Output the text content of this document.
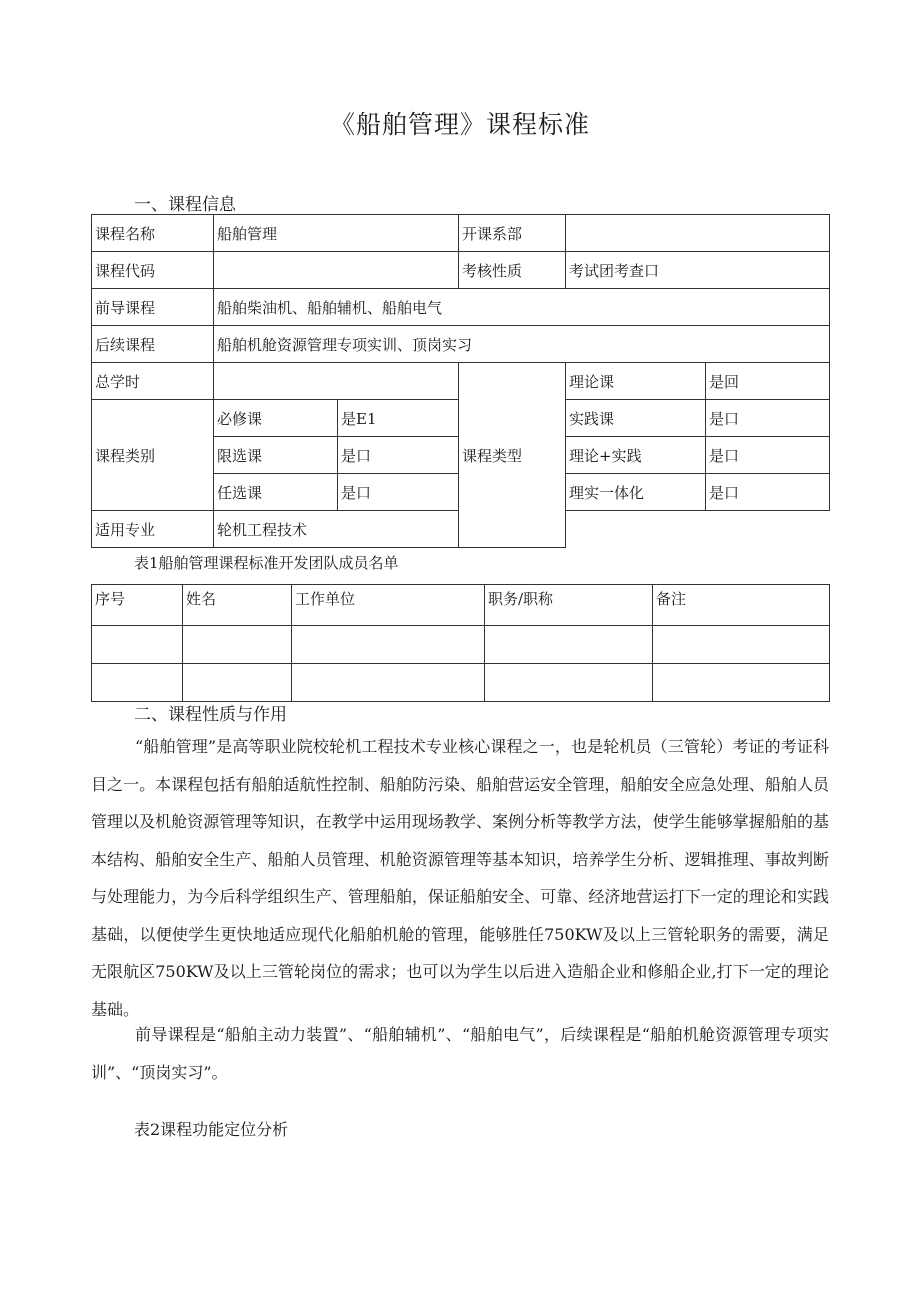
《船舶管理》课程标准
一、课程信息
课程名称	船舶管理		开课系部		
课程代码			考核性质	考试团考查口	
前导课程	船舶柴油机、船舶辅机、船舶电气				
后续课程	船舶机舱资源管理专项实训、顶岗实习				
总学时			课程类型	理论课	是回
课程类别	必修课	是E1		实践课	是口
	限选课	是口		理论+实践	是口
	任选课	是口		理实一体化	是口
适用专业	轮机工程技术				
表1船舶管理课程标准开发团队成员名单
序号	姓名	工作单位	职务/职称	备注

二、课程性质与作用
“船舶管理”是高等职业院校轮机工程技术专业核心课程之一，也是轮机员（三管轮）考证的考证科目之一。本课程包括有船舶适航性控制、船舶防污染、船舶营运安全管理，船舶安全应急处理、船舶人员管理以及机舱资源管理等知识，在教学中运用现场教学、案例分析等教学方法，使学生能够掌握船舶的基本结构、船舶安全生产、船舶人员管理、机舱资源管理等基本知识，培养学生分析、逻辑推理、事故判断与处理能力，为今后科学组织生产、管理船舶，保证船舶安全、可靠、经济地营运打下一定的理论和实践基础，以便使学生更快地适应现代化船舶机舱的管理，能够胜任750KW及以上三管轮职务的需要，满足无限航区750KW及以上三管轮岗位的需求；也可以为学生以后进入造船企业和修船企业,打下一定的理论基础。
前导课程是“船舶主动力装置”、“船舶辅机”、“船舶电气”，后续课程是“船舶机舱资源管理专项实训”、“顶岗实习”。
表2课程功能定位分析
